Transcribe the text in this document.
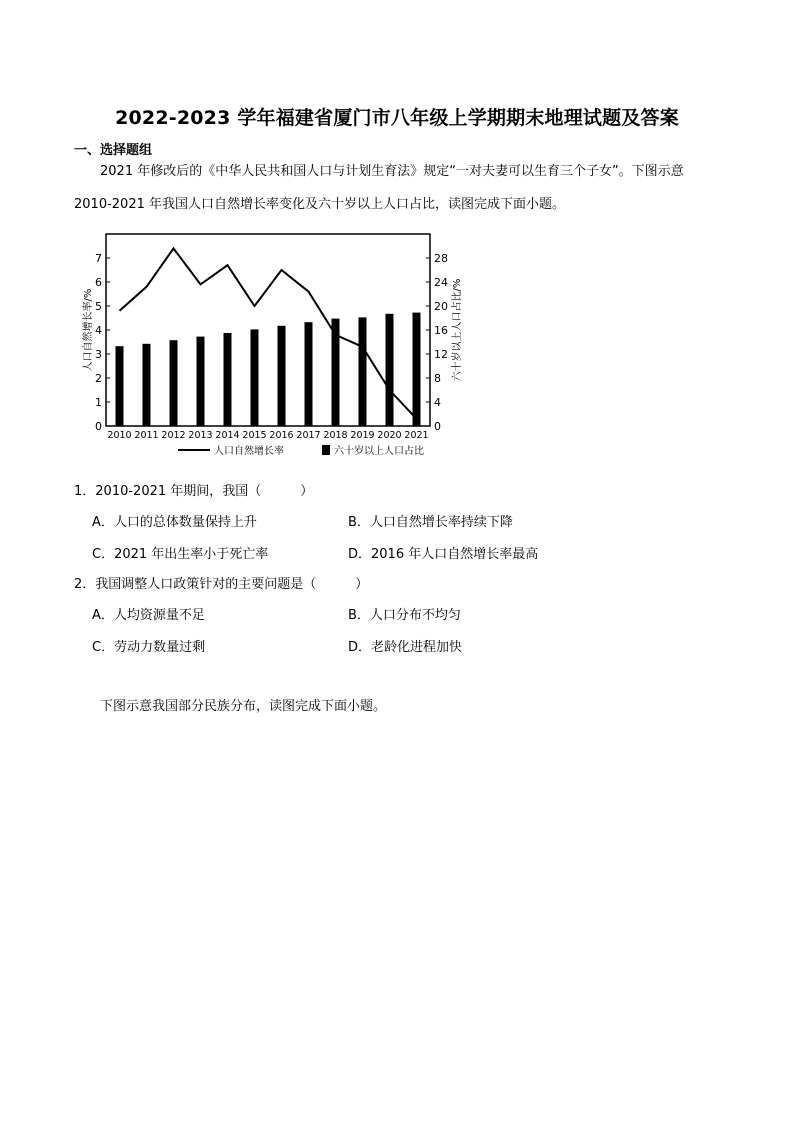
2022-2023 学年福建省厦门市八年级上学期期末地理试题及答案
一、选择题组
2021 年修改后的《中华人民共和国人口与计划生育法》规定“一对夫妻可以生育三个子女”。下图示意
2010-2021 年我国人口自然增长率变化及六十岁以上人口占比，读图完成下面小题。
0
1
2
3
4
5
6
7
0
4
8
12
16
20
24
28
2010 2011 2012 2013 2014 2015 2016 2017 2018 2019 2020 2021
人口自然增长率/%	六十岁以上人口占比/%
人口自然增长率	六十岁以上人口占比
1．2010-2021 年期间，我国（　　　）
A．人口的总体数量保持上升	B．人口自然增长率持续下降
C．2021 年出生率小于死亡率	D．2016 年人口自然增长率最高
2．我国调整人口政策针对的主要问题是（　　　）
A．人均资源量不足	B．人口分布不均匀
C．劳动力数量过剩	D．老龄化进程加快
下图示意我国部分民族分布，读图完成下面小题。
